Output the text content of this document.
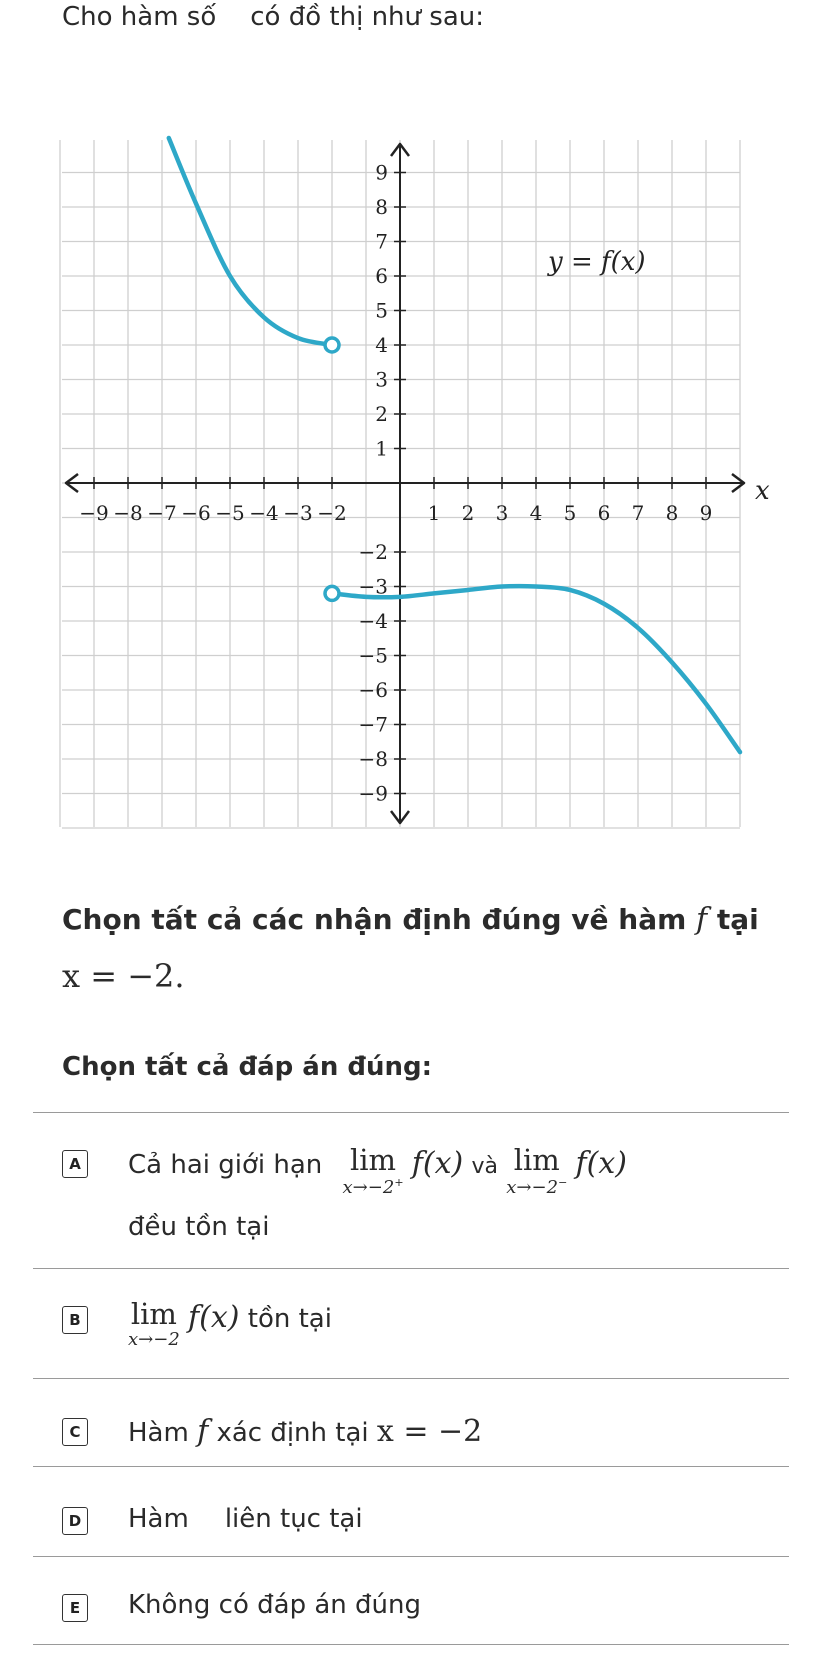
Cho hàm số có đồ thị như sau:
−9 −8 −7 −6 −5 −4 −3 −2	1 2 3 4 5 6 7 8 9
9
8
7
6
5
4
3
2
1
−2
−3
−4
−5
−6
−7
−8
−9
y = f(x)
x
Chọn tất cả các nhận định đúng về hàm f tại
x = −2.
Chọn tất cả đáp án đúng:
A Cả hai giới hạn lim
x→−2+
f(x) và lim
x→−2−
f(x)
đều tồn tại
B lim
x→−2
f(x) tồn tại
C Hàm f xác định tại x = −2
D Hàm liên tục tại
E	Không có đáp án đúng
